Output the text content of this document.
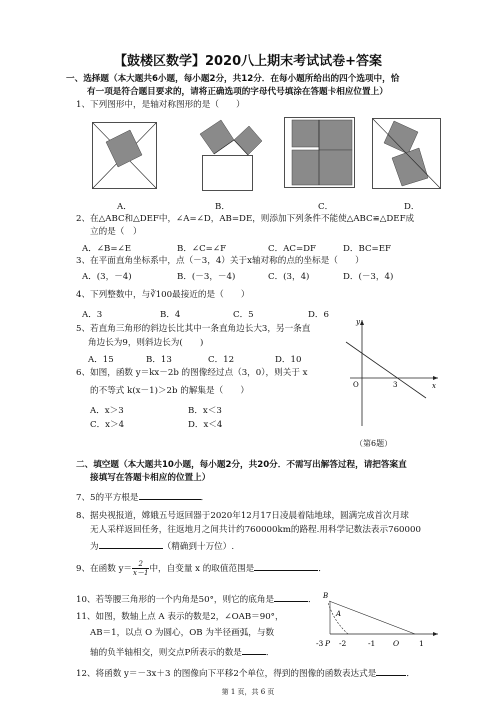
【鼓楼区数学】2020八上期末考试试卷+答案
一、选择题（本大题共6小题，每小题2分，共12分．在每小题所给出的四个选项中，恰
有一项是符合题目要求的，请将正确选项的字母代号填涂在答题卡相应位置上）
1、下列图形中，是轴对称图形的是（　　）
A．	B．	C．	D．
2、在△ABC和△DEF中，∠A=∠D，AB=DE，则添加下列条件不能使△ABC≌△DEF成
立的是（　）
A．∠B=∠E	B．∠C=∠F	C．AC=DF	D．BC=EF
3、在平面直角坐标系中，点（－3，4）关于x轴对称的点的坐标是（　　）
A．(3，－4)	B．(－3，－4)	C．(3，4)	D．(－3，4)
4、下列整数中，与∛100最接近的是（　　）
A．3	B．4	C．5	D．6
5、若直角三角形的斜边长比其中一条直角边长大3，另一条直
角边长为9，则斜边长为(　　)
A．15	B．13	C．12	D．10
6、如图，函数 y＝kx－2b 的图像经过点（3，0），则关于 x
的不等式 k(x－1)＞2b 的解集是（　　）
A．x＞3	B．x＜3
C．x＞4	D．x＜4
y
x
O	3
（第6题）
二、填空题（本大题共10小题，每小题2分，共20分．不需写出解答过程，请把答案直
接填写在答题卡相应的位置上）
7、5的平方根是	．
8、据央视报道，嫦娥五号返回器于2020年12月17日凌晨着陆地球，圆满完成首次月球
无人采样返回任务，往返地月之间共计约760000km的路程.用科学记数法表示760000
为	（精确到十万位）.
9、在函数 $y= \frac{2}{x-1}$ 中，自变量 x 的取值范围是	．
10、若等腰三角形的一个内角是50°，则它的底角是	．
11、如图，数轴上点 A 表示的数是2，∠OAB＝90°，
AB＝1，以点 O 为圆心，OB 为半径画弧，与数
轴的负半轴相交，则交点P所表示的数是	．
B
A
-3 P -2	-1 O	1
12、将函数 y＝－3x＋3 的图像向下平移2个单位，得到的图像的函数表达式是	．
第 1 页，共 6 页
